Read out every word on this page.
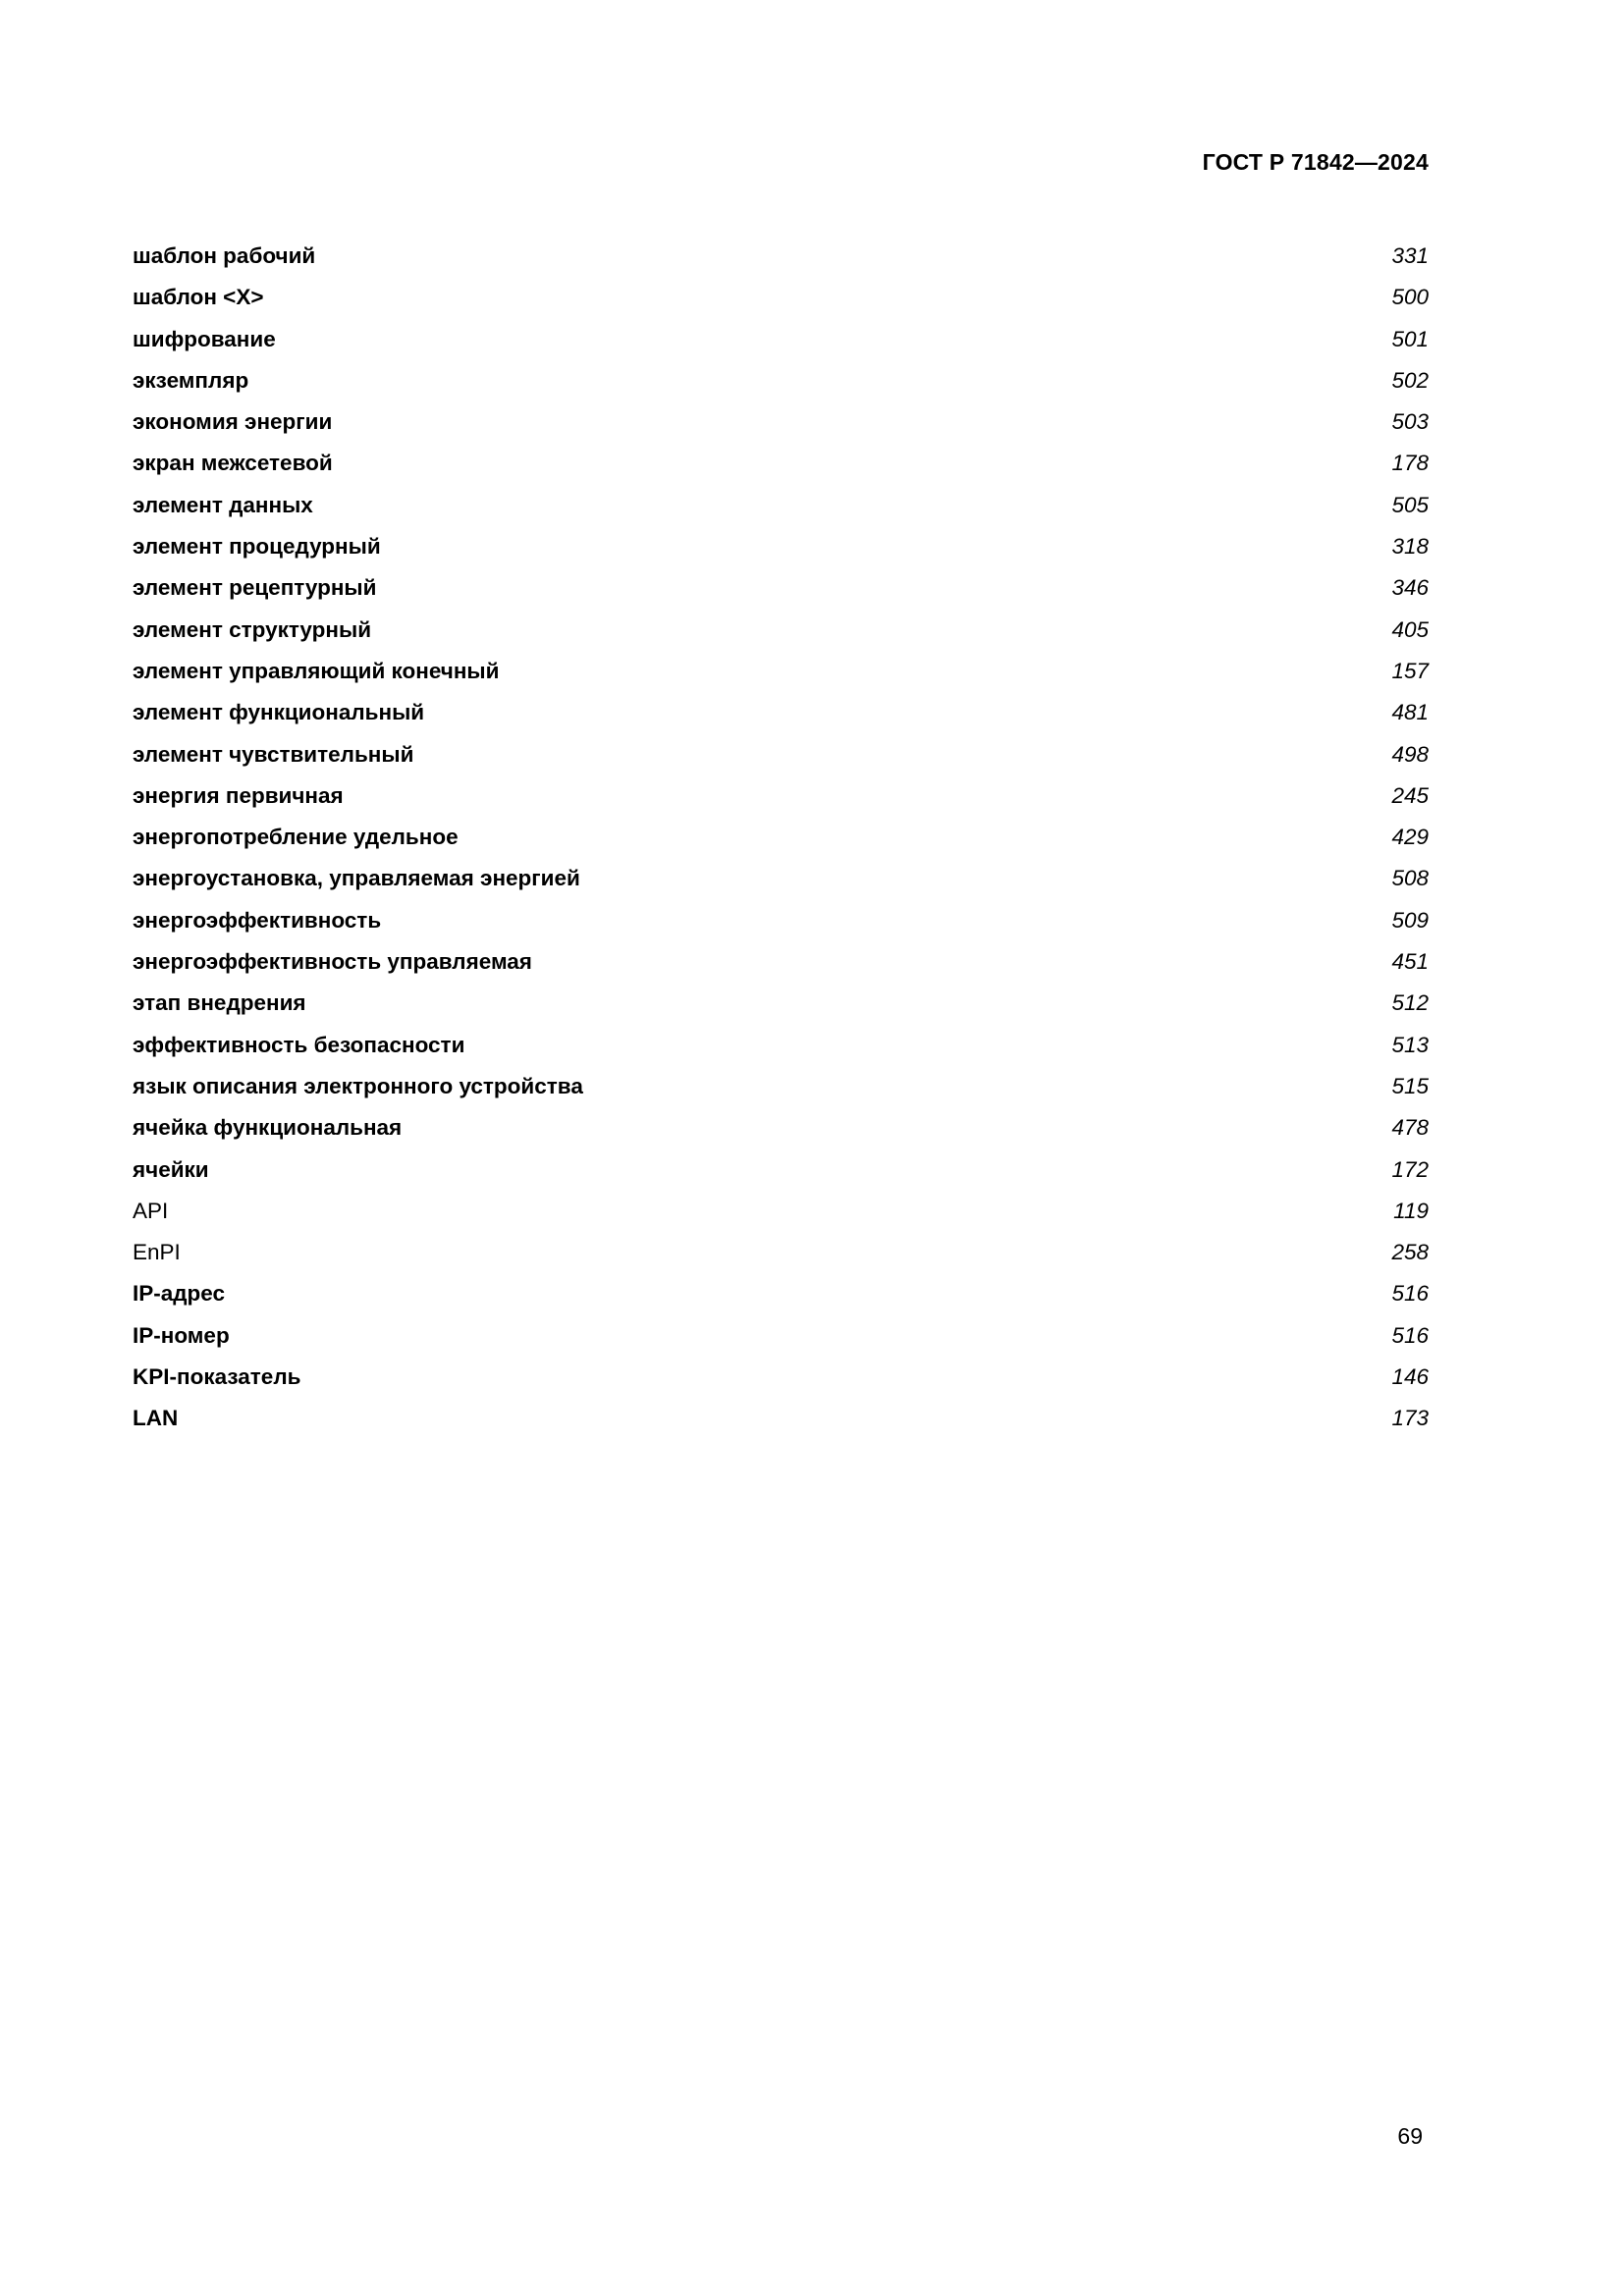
ГОСТ Р 71842—2024
шаблон рабочий	331
шаблон <X>	500
шифрование	501
экземпляр	502
экономия энергии	503
экран межсетевой	178
элемент данных	505
элемент процедурный	318
элемент рецептурный	346
элемент структурный	405
элемент управляющий конечный	157
элемент функциональный	481
элемент чувствительный	498
энергия первичная	245
энергопотребление удельное	429
энергоустановка, управляемая энергией	508
энергоэффективность	509
энергоэффективность управляемая	451
этап внедрения	512
эффективность безопасности	513
язык описания электронного устройства	515
ячейка функциональная	478
ячейки	172
API	119
EnPI	258
IP-адрес	516
IP-номер	516
KPI-показатель	146
LAN	173
69
